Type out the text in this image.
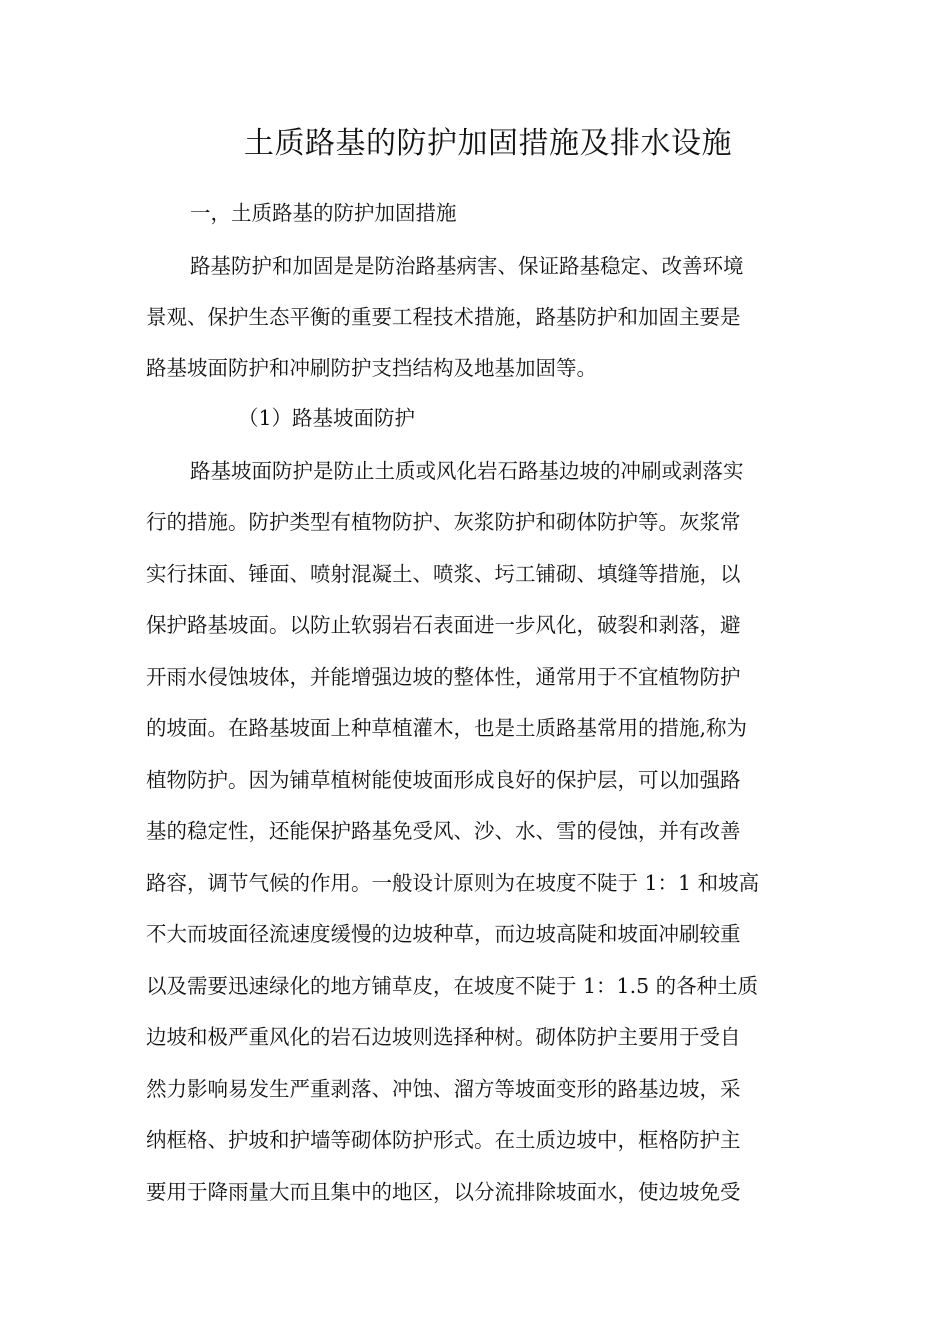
土质路基的防护加固措施及排水设施

一，土质路基的防护加固措施

路基防护和加固是是防治路基病害、保证路基稳定、改善环境

景观、保护生态平衡的重要工程技术措施，路基防护和加固主要是

路基坡面防护和冲刷防护支挡结构及地基加固等。

（1）路基坡面防护

路基坡面防护是防止土质或风化岩石路基边坡的冲刷或剥落实

行的措施。防护类型有植物防护、灰浆防护和砌体防护等。灰浆常

实行抹面、锤面、喷射混凝土、喷浆、圬工铺砌、填缝等措施，以

保护路基坡面。以防止软弱岩石表面进一步风化，破裂和剥落，避

开雨水侵蚀坡体，并能增强边坡的整体性，通常用于不宜植物防护

的坡面。在路基坡面上种草植灌木，也是土质路基常用的措施,称为

植物防护。因为铺草植树能使坡面形成良好的保护层，可以加强路

基的稳定性，还能保护路基免受风、沙、水、雪的侵蚀，并有改善

路容，调节气候的作用。一般设计原则为在坡度不陡于 1：1 和坡高

不大而坡面径流速度缓慢的边坡种草，而边坡高陡和坡面冲刷较重

以及需要迅速绿化的地方铺草皮，在坡度不陡于 1：1.5 的各种土质

边坡和极严重风化的岩石边坡则选择种树。砌体防护主要用于受自

然力影响易发生严重剥落、冲蚀、溜方等坡面变形的路基边坡，采

纳框格、护坡和护墙等砌体防护形式。在土质边坡中，框格防护主

要用于降雨量大而且集中的地区，以分流排除坡面水，使边坡免受
